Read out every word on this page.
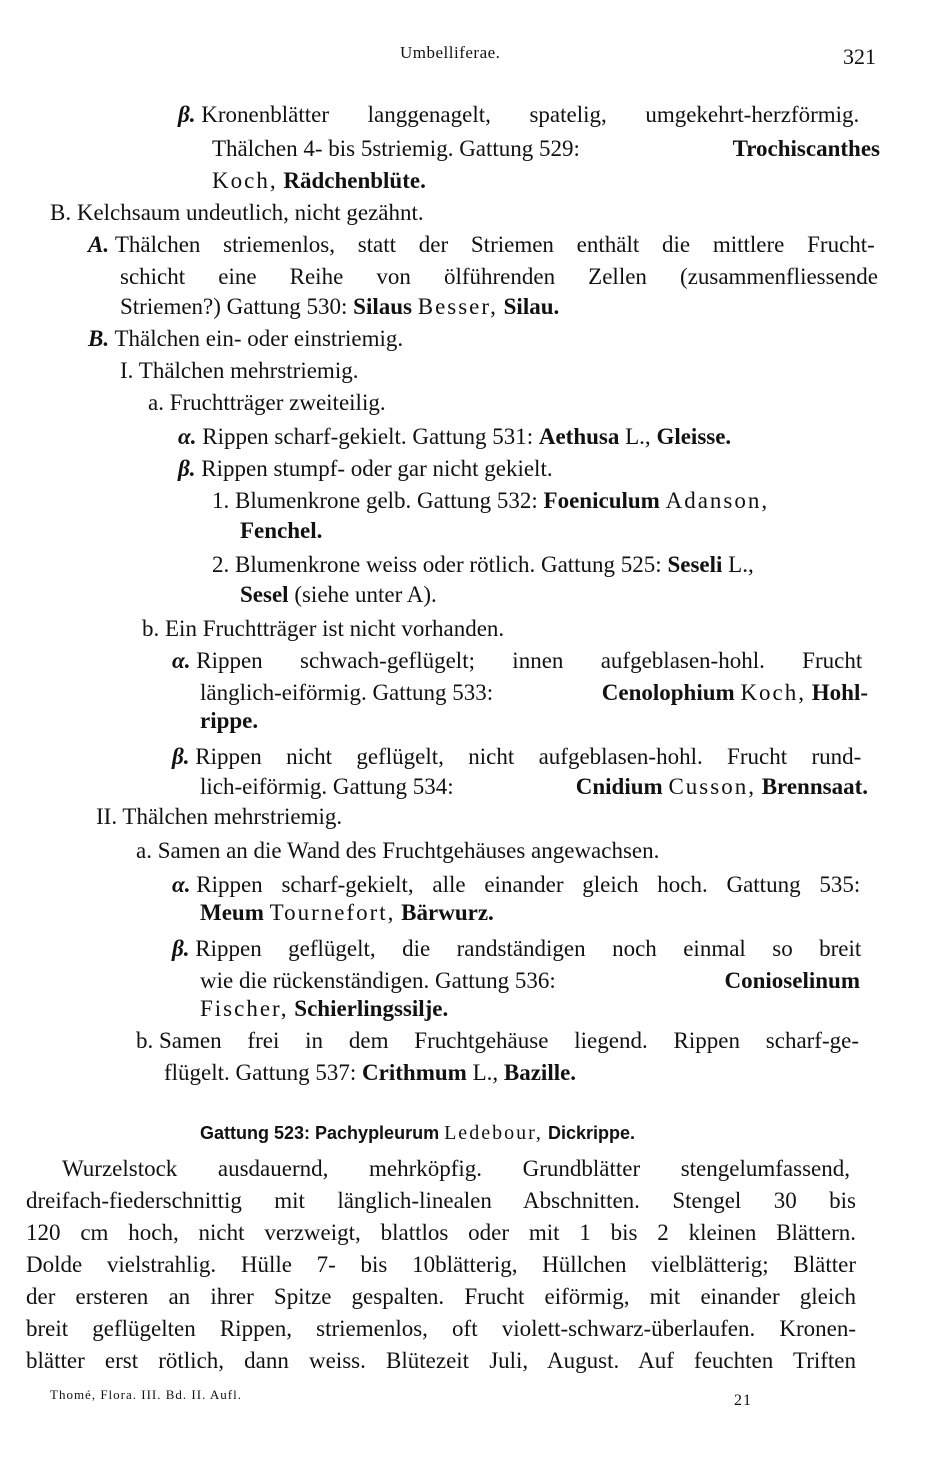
Umbelliferae.	321
β. Kronenblätter langgenagelt, spatelig, umgekehrt-herzförmig.
Thälchen 4- bis 5striemig. Gattung 529:	Trochiscanthes
Koch, Rädchenblüte.
B. Kelchsaum undeutlich, nicht gezähnt.
A. Thälchen striemenlos, statt der Striemen enthält die mittlere Frucht-
schicht eine Reihe von ölführenden Zellen (zusammenfliessende
Striemen?) Gattung 530: Silaus Besser, Silau.
B. Thälchen ein- oder einstriemig.
I. Thälchen mehrstriemig.
a. Fruchtträger zweiteilig.
α. Rippen scharf-gekielt. Gattung 531: Aethusa L., Gleisse.
β. Rippen stumpf- oder gar nicht gekielt.
1. Blumenkrone gelb. Gattung 532: Foeniculum Adanson,
Fenchel.
2. Blumenkrone weiss oder rötlich. Gattung 525: Seseli L.,
Sesel (siehe unter A).
b. Ein Fruchtträger ist nicht vorhanden.
α. Rippen schwach-geflügelt; innen aufgeblasen-hohl. Frucht
länglich-eiförmig. Gattung 533:	Cenolophium Koch, Hohl-
rippe.
β. Rippen nicht geflügelt, nicht aufgeblasen-hohl. Frucht rund-
lich-eiförmig. Gattung 534:	Cnidium Cusson, Brennsaat.
II. Thälchen mehrstriemig.
a. Samen an die Wand des Fruchtgehäuses angewachsen.
α. Rippen scharf-gekielt, alle einander gleich hoch. Gattung 535:
Meum Tournefort, Bärwurz.
β. Rippen geflügelt, die randständigen noch einmal so breit
wie die rückenständigen. Gattung 536:	Conioselinum
Fischer, Schierlingssilje.
b. Samen frei in dem Fruchtgehäuse liegend. Rippen scharf-ge-
flügelt. Gattung 537: Crithmum L., Bazille.
Gattung 523: Pachypleurum Ledebour, Dickrippe.
Wurzelstock ausdauernd, mehrköpfig. Grundblätter stengelumfassend,
dreifach-fiederschnittig mit länglich-linealen Abschnitten. Stengel 30 bis
120 cm hoch, nicht verzweigt, blattlos oder mit 1 bis 2 kleinen Blättern.
Dolde vielstrahlig. Hülle 7- bis 10blätterig, Hüllchen vielblätterig; Blätter
der ersteren an ihrer Spitze gespalten. Frucht eiförmig, mit einander gleich
breit geflügelten Rippen, striemenlos, oft violett-schwarz-überlaufen. Kronen-
blätter erst rötlich, dann weiss. Blütezeit Juli, August. Auf feuchten Triften
Thomé, Flora. III. Bd. II. Aufl.	21
